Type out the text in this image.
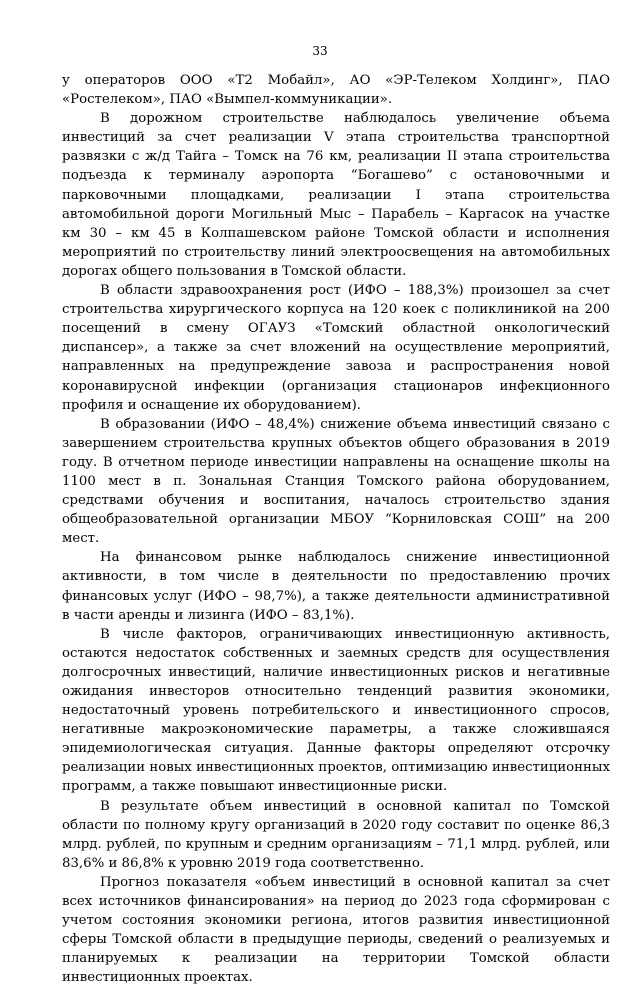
33

у операторов ООО «Т2 Мобайл», АО «ЭР-Телеком Холдинг», ПАО «Ростелеком», ПАО «Вымпел-коммуникации».

В дорожном строительстве наблюдалось увеличение объема инвестиций за счет реализации V этапа строительства транспортной развязки с ж/д Тайга – Томск на 76 км, реализации II этапа строительства подъезда к терминалу аэропорта “Богашево” с остановочными и парковочными площадками, реализации I этапа строительства автомобильной дороги Могильный Мыс – Парабель – Каргасок на участке км 30 – км 45 в Колпашевском районе Томской области и исполнения мероприятий по строительству линий электроосвещения на автомобильных дорогах общего пользования в Томской области.

В области здравоохранения рост (ИФО – 188,3%) произошел за счет строительства хирургического корпуса на 120 коек с поликлиникой на 200 посещений в смену ОГАУЗ «Томский областной онкологический диспансер», а также за счет вложений на осуществление мероприятий, направленных на предупреждение завоза и распространения новой коронавирусной инфекции (организация стационаров инфекционного профиля и оснащение их оборудованием).

В образовании (ИФО – 48,4%) снижение объема инвестиций связано с завершением строительства крупных объектов общего образования в 2019 году. В отчетном периоде инвестиции направлены на оснащение школы на 1100 мест в п. Зональная Станция Томского района оборудованием, средствами обучения и воспитания, началось строительство здания общеобразовательной организации МБОУ “Корниловская СОШ” на 200 мест.

На финансовом рынке наблюдалось снижение инвестиционной активности, в том числе в деятельности по предоставлению прочих финансовых услуг (ИФО – 98,7%), а также деятельности административной в части аренды и лизинга (ИФО – 83,1%).

В числе факторов, ограничивающих инвестиционную активность, остаются недостаток собственных и заемных средств для осуществления долгосрочных инвестиций, наличие инвестиционных рисков и негативные ожидания инвесторов относительно тенденций развития экономики, недостаточный уровень потребительского и инвестиционного спросов, негативные макроэкономические параметры, а также сложившаяся эпидемиологическая ситуация. Данные факторы определяют отсрочку реализации новых инвестиционных проектов, оптимизацию инвестиционных программ, а также повышают инвестиционные риски.

В результате объем инвестиций в основной капитал по Томской области по полному кругу организаций в 2020 году составит по оценке 86,3 млрд. рублей, по крупным и средним организациям – 71,1 млрд. рублей, или 83,6% и 86,8% к уровню 2019 года соответственно.

Прогноз показателя «объем инвестиций в основной капитал за счет всех источников финансирования» на период до 2023 года сформирован с учетом состояния экономики региона, итогов развития инвестиционной сферы Томской области в предыдущие периоды, сведений о реализуемых и планируемых к реализации на территории Томской области инвестиционных проектах.
